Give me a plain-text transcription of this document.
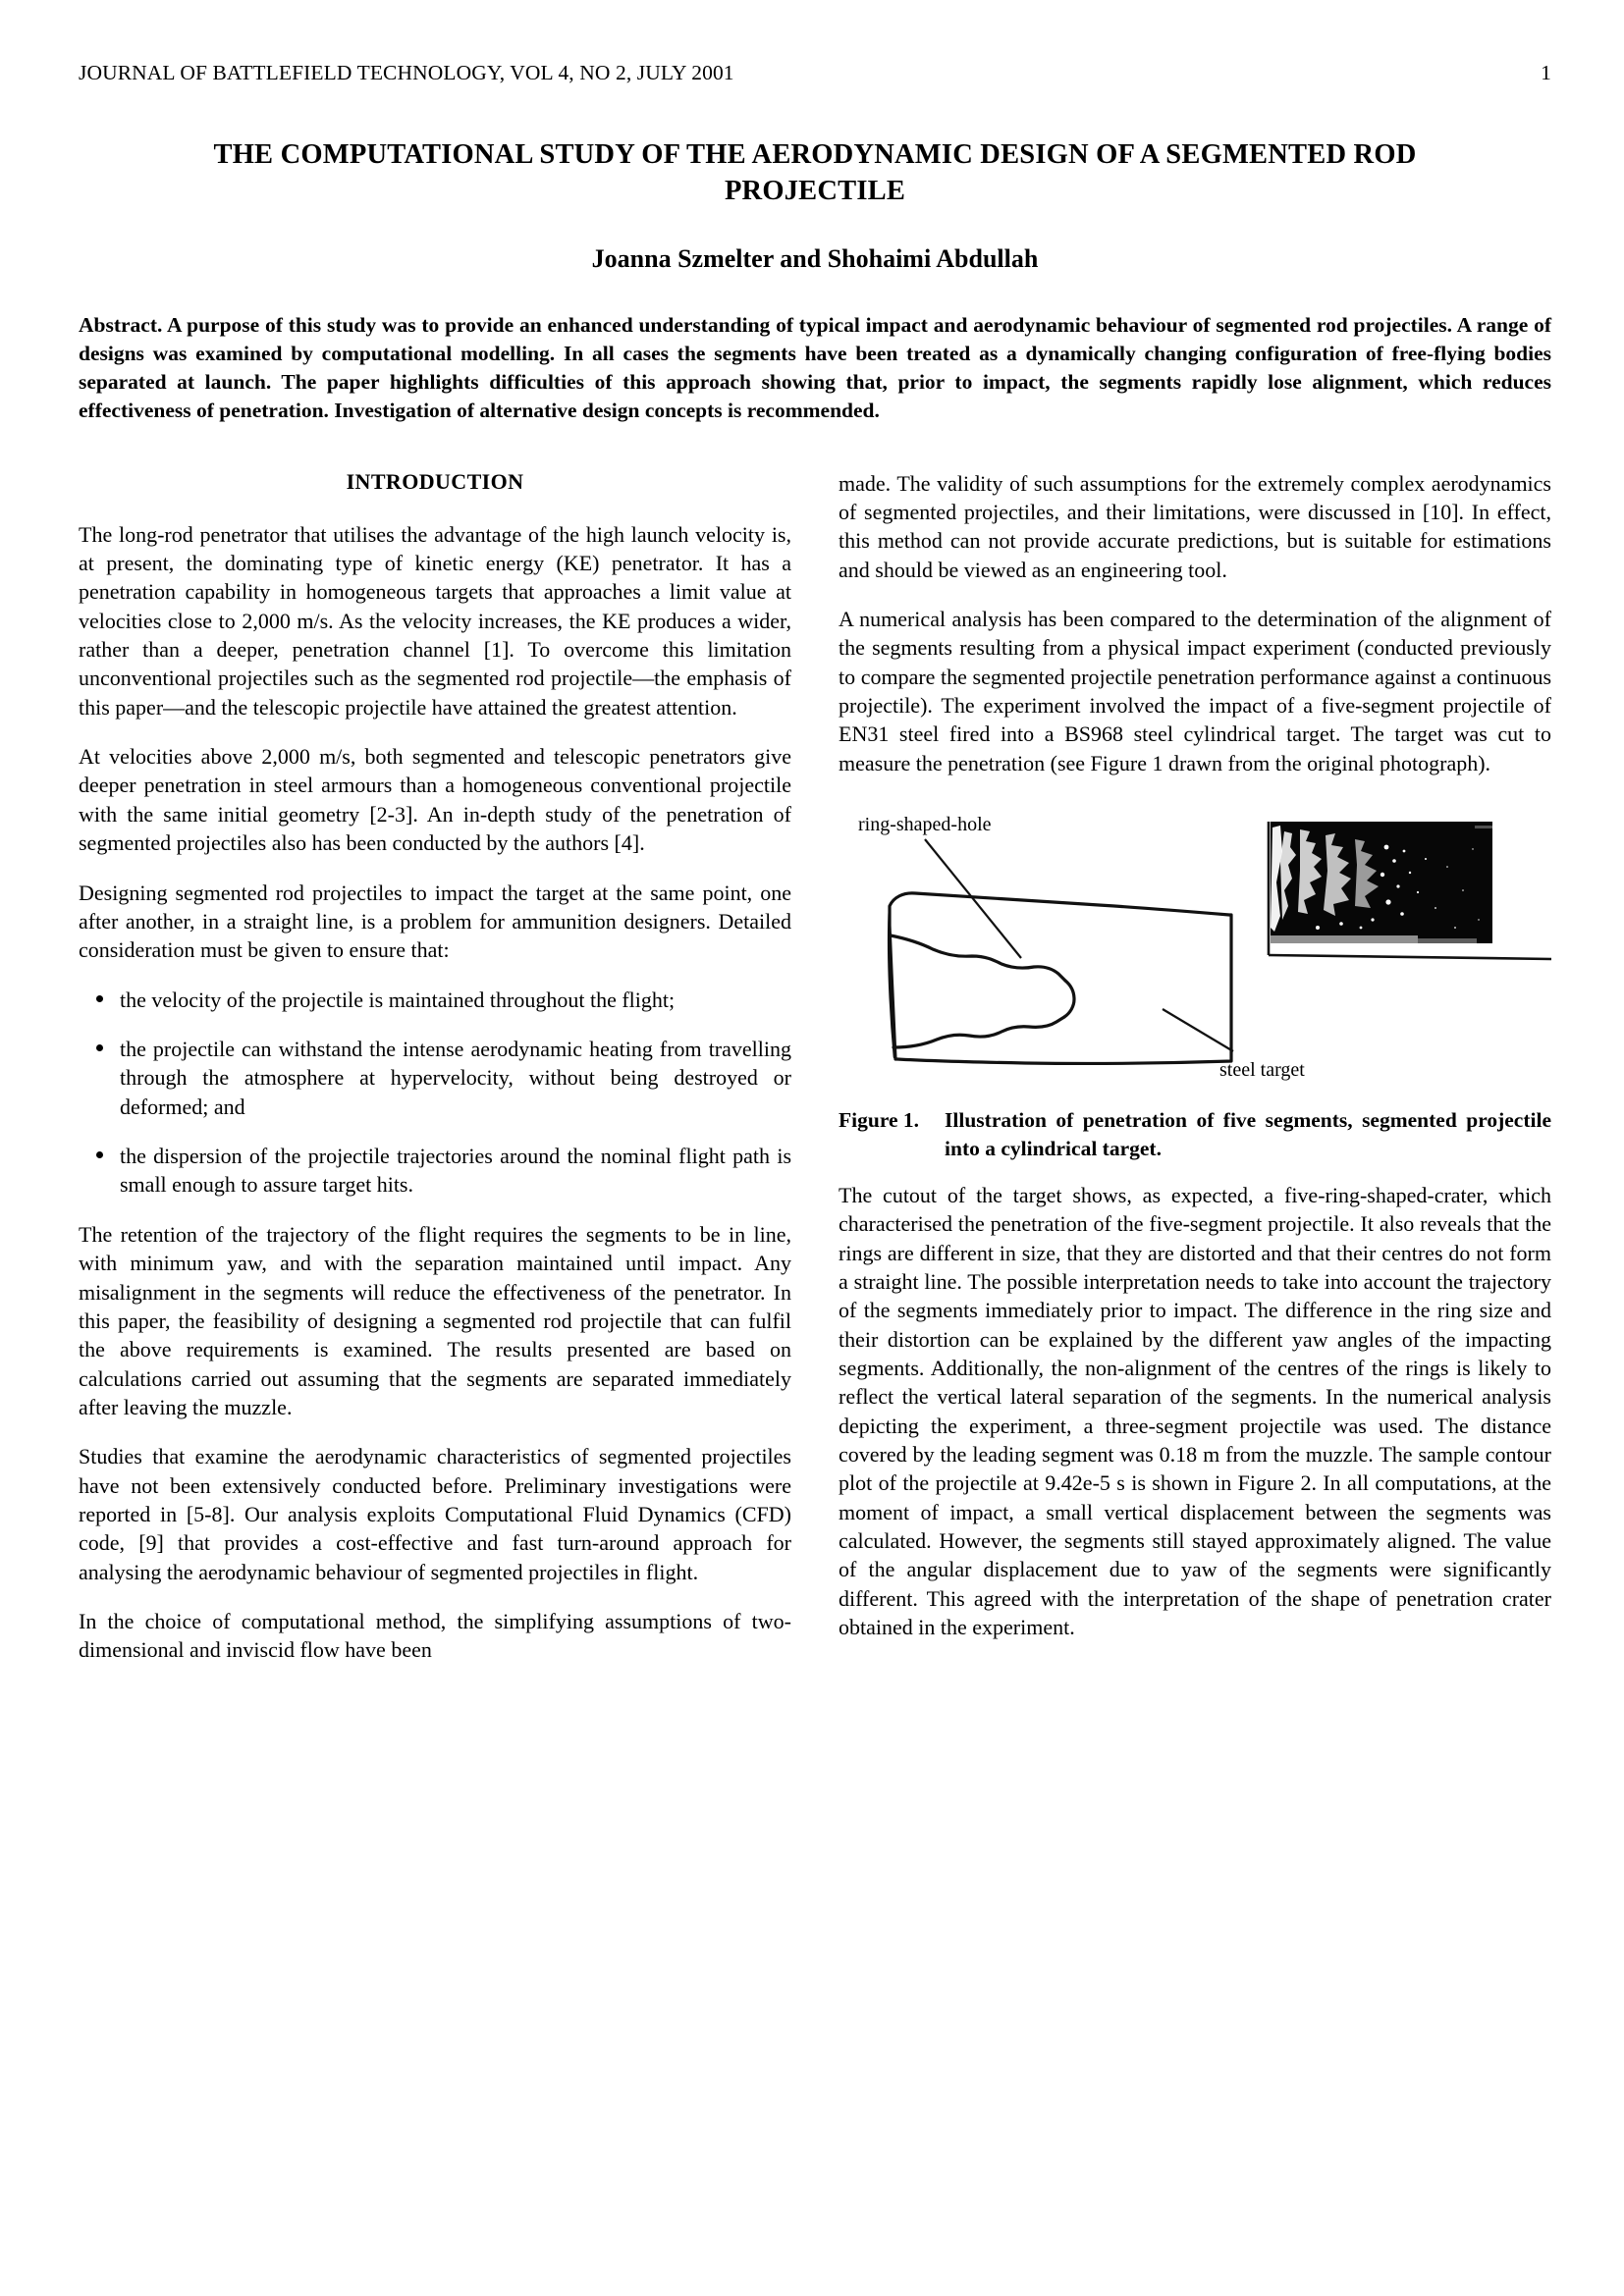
JOURNAL OF BATTLEFIELD TECHNOLOGY, VOL 4, NO 2, JULY 2001	1
THE COMPUTATIONAL STUDY OF THE AERODYNAMIC DESIGN OF A SEGMENTED ROD PROJECTILE
Joanna Szmelter and Shohaimi Abdullah
Abstract. A purpose of this study was to provide an enhanced understanding of typical impact and aerodynamic behaviour of segmented rod projectiles. A range of designs was examined by computational modelling. In all cases the segments have been treated as a dynamically changing configuration of free-flying bodies separated at launch. The paper highlights difficulties of this approach showing that, prior to impact, the segments rapidly lose alignment, which reduces effectiveness of penetration. Investigation of alternative design concepts is recommended.
INTRODUCTION

The long-rod penetrator that utilises the advantage of the high launch velocity is, at present, the dominating type of kinetic energy (KE) penetrator. It has a penetration capability in homogeneous targets that approaches a limit value at velocities close to 2,000 m/s. As the velocity increases, the KE produces a wider, rather than a deeper, penetration channel [1]. To overcome this limitation unconventional projectiles such as the segmented rod projectile—the emphasis of this paper—and the telescopic projectile have attained the greatest attention.

At velocities above 2,000 m/s, both segmented and telescopic penetrators give deeper penetration in steel armours than a homogeneous conventional projectile with the same initial geometry [2-3]. An in-depth study of the penetration of segmented projectiles also has been conducted by the authors [4].

Designing segmented rod projectiles to impact the target at the same point, one after another, in a straight line, is a problem for ammunition designers. Detailed consideration must be given to ensure that:

the velocity of the projectile is maintained throughout the flight;
the projectile can withstand the intense aerodynamic heating from travelling through the atmosphere at hypervelocity, without being destroyed or deformed; and
the dispersion of the projectile trajectories around the nominal flight path is small enough to assure target hits.

The retention of the trajectory of the flight requires the segments to be in line, with minimum yaw, and with the separation maintained until impact. Any misalignment in the segments will reduce the effectiveness of the penetrator. In this paper, the feasibility of designing a segmented rod projectile that can fulfil the above requirements is examined. The results presented are based on calculations carried out assuming that the segments are separated immediately after leaving the muzzle.

Studies that examine the aerodynamic characteristics of segmented projectiles have not been extensively conducted before. Preliminary investigations were reported in [5-8]. Our analysis exploits Computational Fluid Dynamics (CFD) code, [9] that provides a cost-effective and fast turn-around approach for analysing the aerodynamic behaviour of segmented projectiles in flight.

In the choice of computational method, the simplifying assumptions of two-dimensional and inviscid flow have been

made. The validity of such assumptions for the extremely complex aerodynamics of segmented projectiles, and their limitations, were discussed in [10]. In effect, this method can not provide accurate predictions, but is suitable for estimations and should be viewed as an engineering tool.

A numerical analysis has been compared to the determination of the alignment of the segments resulting from a physical impact experiment (conducted previously to compare the segmented projectile penetration performance against a continuous projectile). The experiment involved the impact of a five-segment projectile of EN31 steel fired into a BS968 steel cylindrical target. The target was cut to measure the penetration (see Figure 1 drawn from the original photograph).

ring-shaped-hole
steel target
Figure 1. Illustration of penetration of five segments, segmented projectile into a cylindrical target.

The cutout of the target shows, as expected, a five-ring-shaped-crater, which characterised the penetration of the five-segment projectile. It also reveals that the rings are different in size, that they are distorted and that their centres do not form a straight line. The possible interpretation needs to take into account the trajectory of the segments immediately prior to impact. The difference in the ring size and their distortion can be explained by the different yaw angles of the impacting segments. Additionally, the non-alignment of the centres of the rings is likely to reflect the vertical lateral separation of the segments. In the numerical analysis depicting the experiment, a three-segment projectile was used. The distance covered by the leading segment was 0.18 m from the muzzle. The sample contour plot of the projectile at 9.42e-5 s is shown in Figure 2. In all computations, at the moment of impact, a small vertical displacement between the segments was calculated. However, the segments still stayed approximately aligned. The value of the angular displacement due to yaw of the segments were significantly different. This agreed with the interpretation of the shape of penetration crater obtained in the experiment.
